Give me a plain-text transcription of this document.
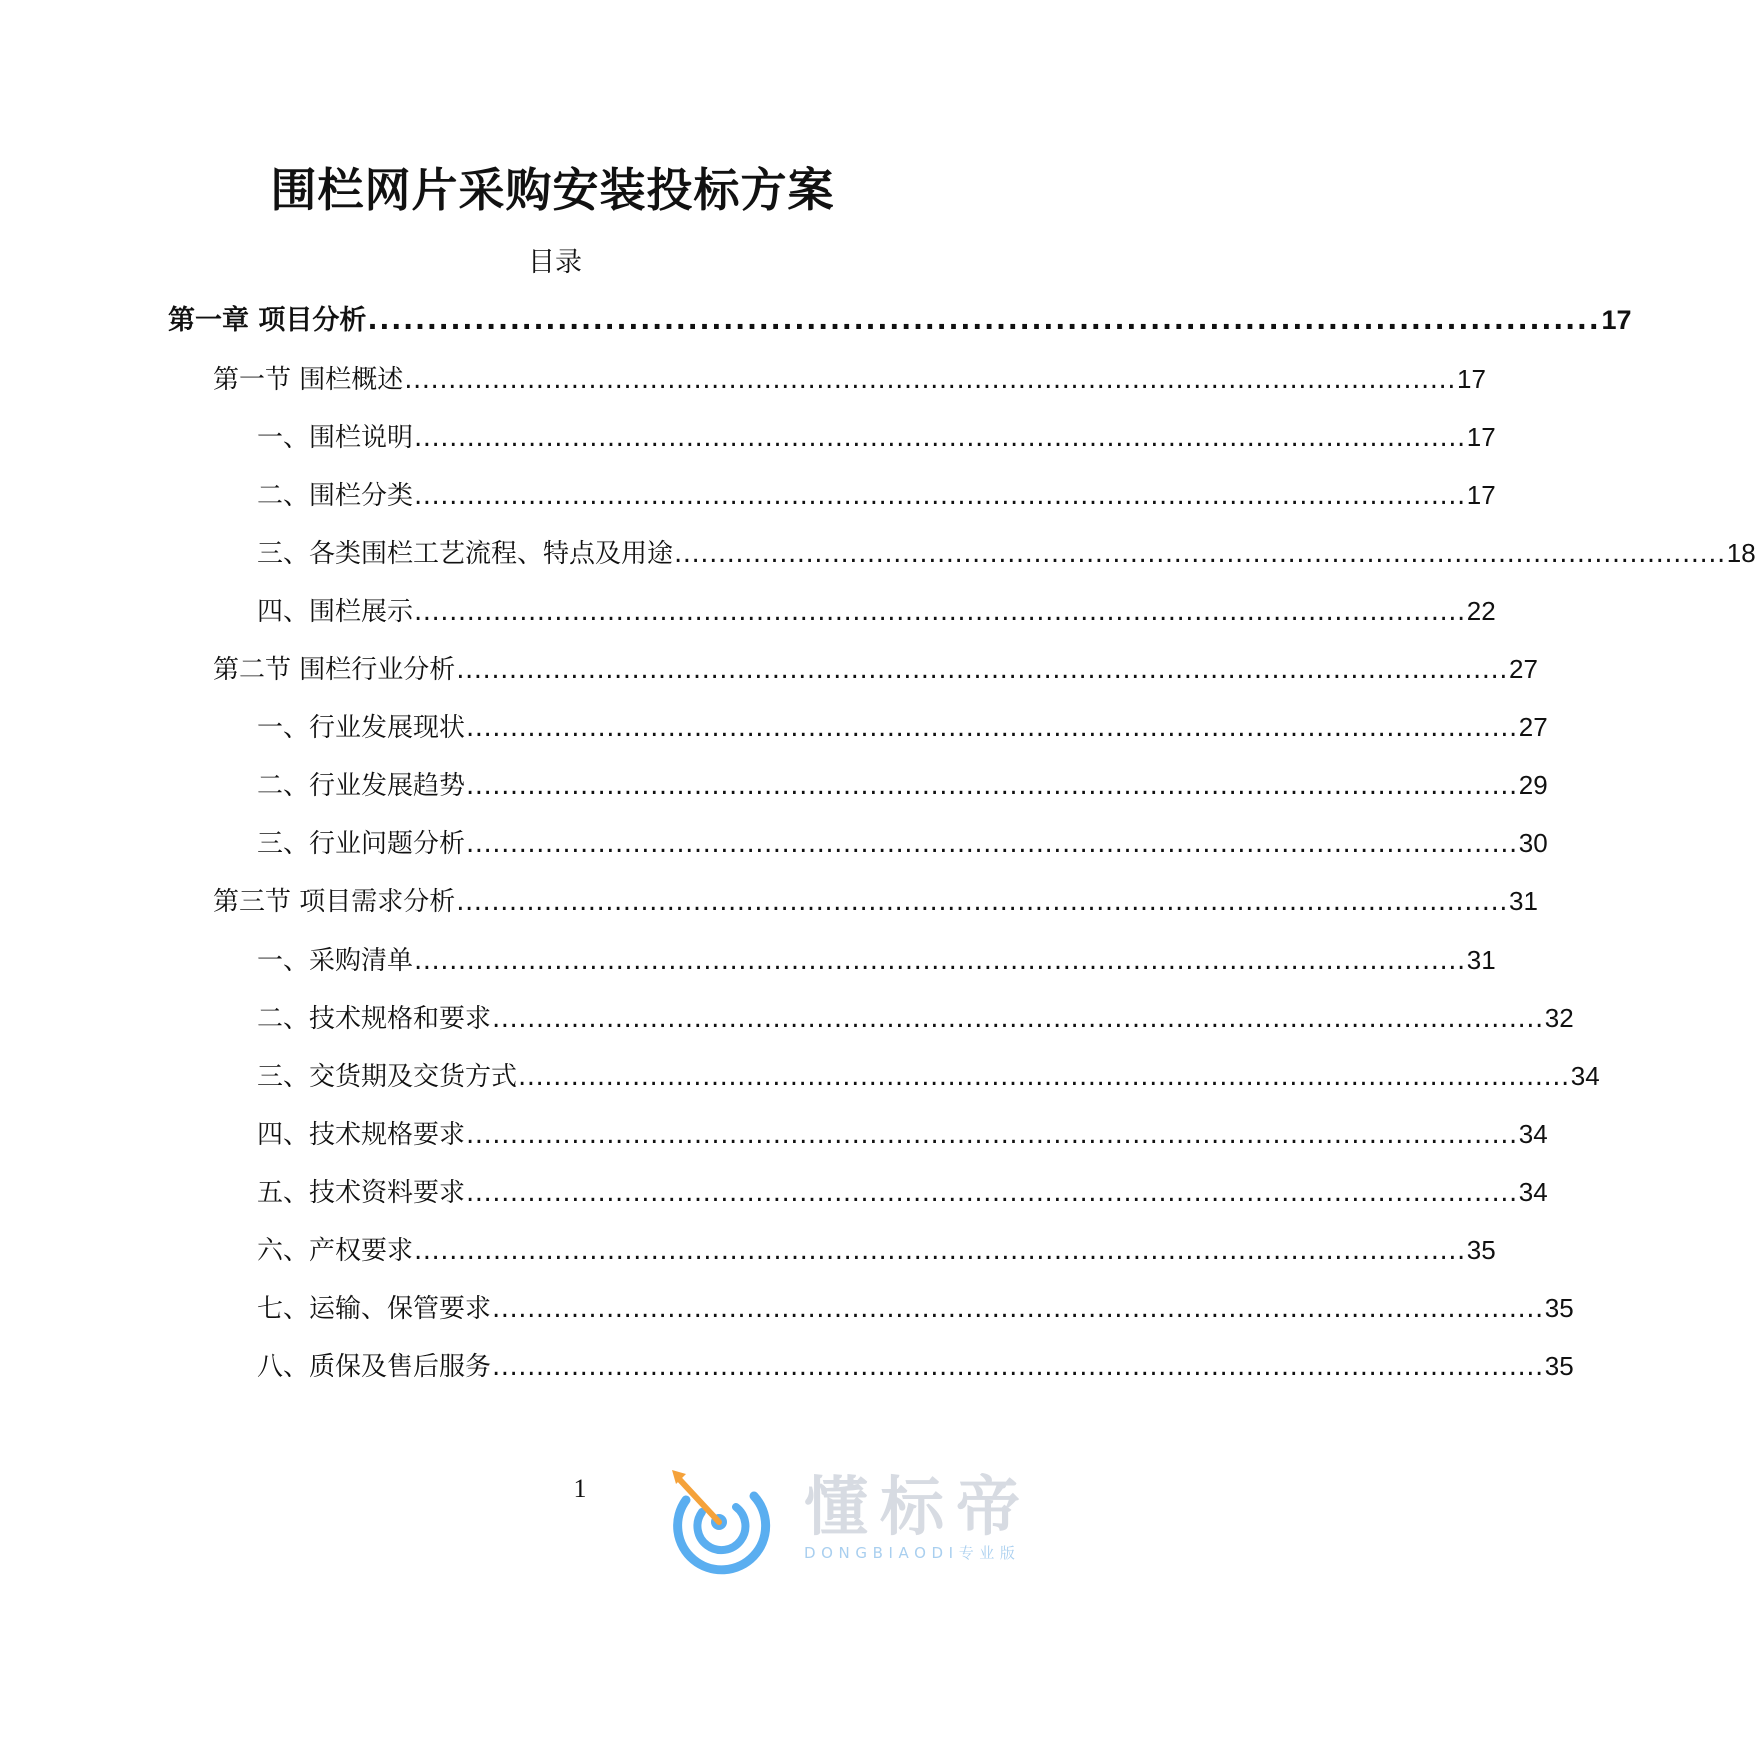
围栏网片采购安装投标方案
目录
第一章 项目分析 ........................................................................................................ 17
第一节 围栏概述 ........................................................................................................................ 17
一、围栏说明 ........................................................................................................................ 17
二、围栏分类 ........................................................................................................................ 17
三、各类围栏工艺流程、特点及用途 ........................................................................................................................ 18
四、围栏展示 ........................................................................................................................ 22
第二节 围栏行业分析 ........................................................................................................................ 27
一、行业发展现状 ........................................................................................................................ 27
二、行业发展趋势 ........................................................................................................................ 29
三、行业问题分析 ........................................................................................................................ 30
第三节 项目需求分析 ........................................................................................................................ 31
一、采购清单 ........................................................................................................................ 31
二、技术规格和要求 ........................................................................................................................ 32
三、交货期及交货方式 ........................................................................................................................ 34
四、技术规格要求 ........................................................................................................................ 34
五、技术资料要求 ........................................................................................................................ 34
六、产权要求 ........................................................................................................................ 35
七、运输、保管要求 ........................................................................................................................ 35
八、质保及售后服务 ........................................................................................................................ 35
1	懂标帝
DONGBIAODI专业版
